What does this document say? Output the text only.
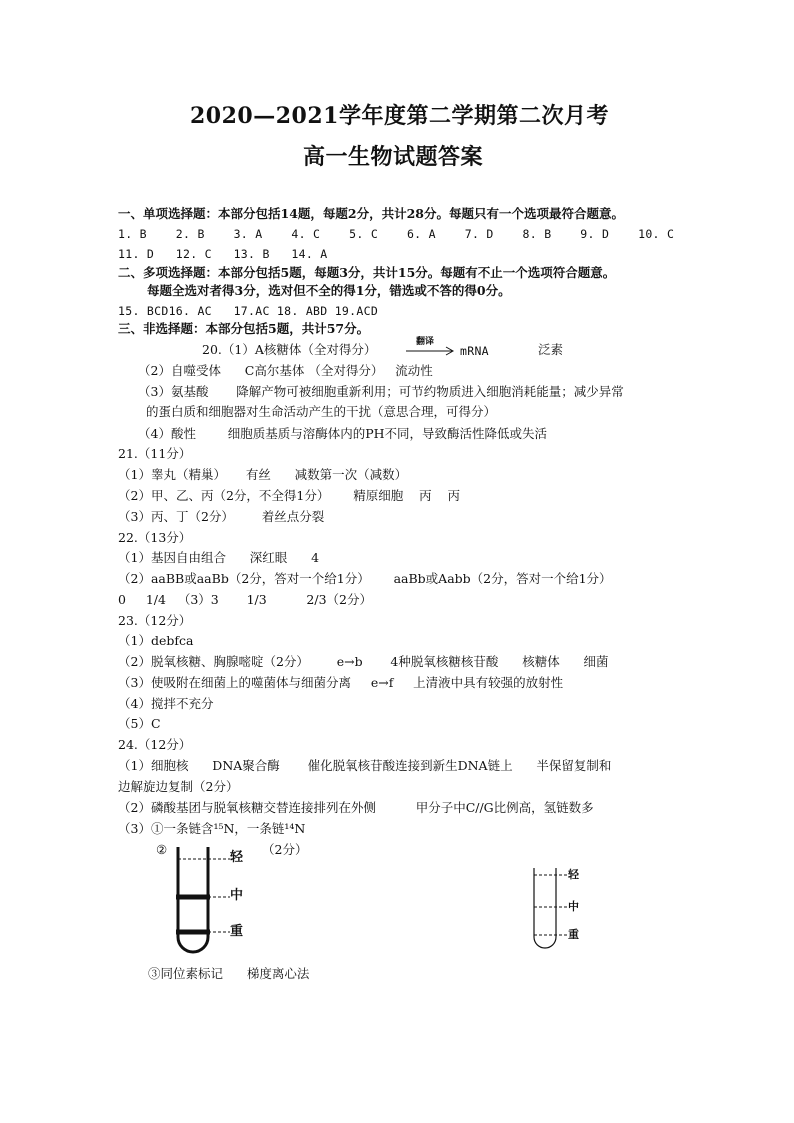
2020—2021学年度第二学期第二次月考
高一生物试题答案
一、单项选择题：本部分包括14题，每题2分，共计28分。每题只有一个选项最符合题意。
1. B    2. B    3. A    4. C    5. C    6. A    7. D    8. B    9. D    10. C
11. D   12. C   13. B   14. A
二、多项选择题：本部分包括5题，每题3分，共计15分。每题有不止一个选项符合题意。
每题全选对者得3分，选对但不全的得1分，错选或不答的得0分。
15. BCD16. AC   17.AC 18. ABD 19.ACD
三、非选择题：本部分包括5题，共计57分。
20.（1）A核糖体（全对得分）	翻译
mRNA	泛素
（2）自噬受体      C高尔基体 （全对得分）   流动性
（3）氨基酸       降解产物可被细胞重新利用；可节约物质进入细胞消耗能量；减少异常
的蛋白质和细胞器对生命活动产生的干扰（意思合理，可得分）
（4）酸性        细胞质基质与溶酶体内的PH不同，导致酶活性降低或失活
21.（11分）
（1）睾丸（精巢）     有丝      减数第一次（减数）
（2）甲、乙、丙（2分，不全得1分）      精原细胞    丙    丙
（3）丙、丁（2分）       着丝点分裂
22.（13分）
（1）基因自由组合      深红眼      4
（2）aaBB或aaBb（2分，答对一个给1分）      aaBb或Aabb（2分，答对一个给1分）
0     1/4   （3）3       1/3          2/3（2分）
23.（12分）
（1）debfca
（2）脱氧核糖、胸腺嘧啶（2分）       e→b       4种脱氧核糖核苷酸      核糖体      细菌
（3）使吸附在细菌上的噬菌体与细菌分离     e→f     上清液中具有较强的放射性
（4）搅拌不充分
（5）C
24.（12分）
（1）细胞核      DNA聚合酶       催化脱氧核苷酸连接到新生DNA链上      半保留复制和
边解旋边复制（2分）
（2）磷酸基团与脱氧核糖交替连接排列在外侧          甲分子中C//G比例高，氢链数多
（3）①一条链含¹⁵N，一条链¹⁴N
②	（2分）
轻
中
重
轻
中
重
③同位素标记      梯度离心法
